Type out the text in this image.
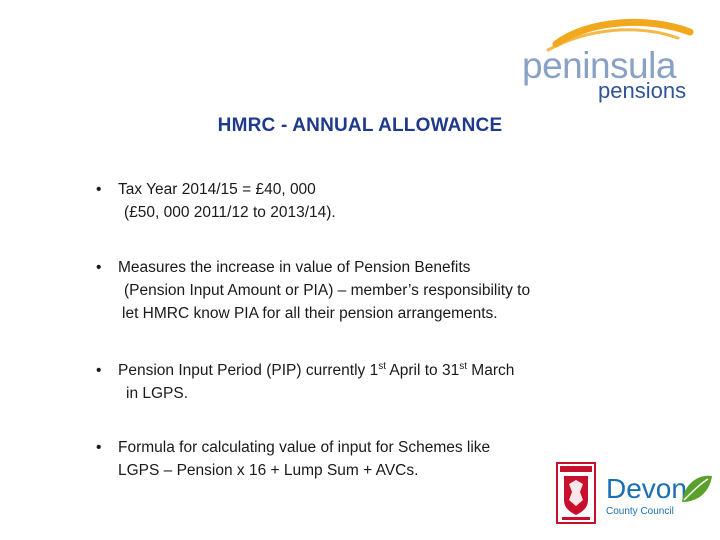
peninsula
pensions
HMRC - ANNUAL ALLOWANCE
• Tax Year 2014/15 = £40, 000
(£50, 000 2011/12 to 2013/14).
• Measures the increase in value of Pension Benefits
(Pension Input Amount or PIA) – member’s responsibility to
let HMRC know PIA for all their pension arrangements.
• Pension Input Period (PIP) currently 1st April to 31st March
in LGPS.
• Formula for calculating value of input for Schemes like
LGPS – Pension x 16 + Lump Sum + AVCs.
Devon
County Council
